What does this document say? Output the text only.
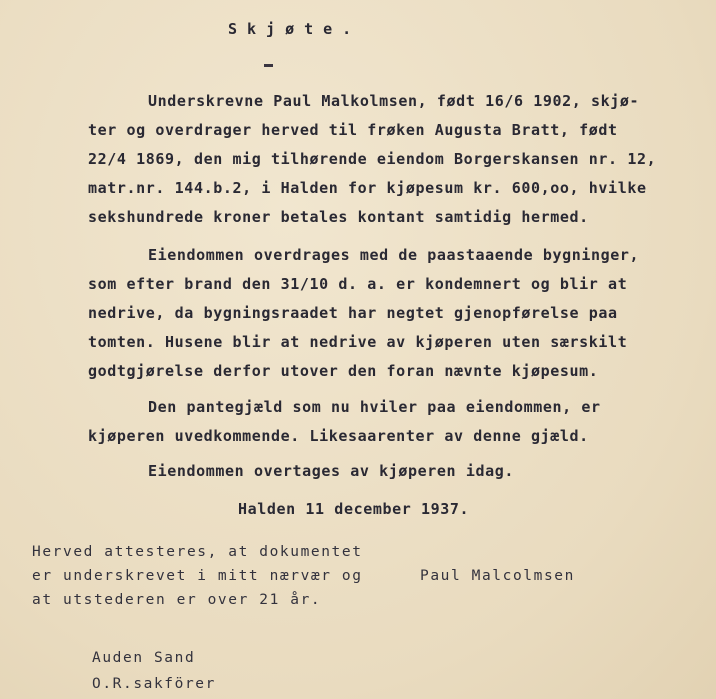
Skjøte.
Underskrevne Paul Malkolmsen, født 16/6 1902, skjø-
ter og overdrager herved til frøken Augusta Bratt, født
22/4 1869, den mig tilhørende eiendom Borgerskansen nr. 12,
matr.nr. 144.b.2, i Halden for kjøpesum kr. 600,oo, hvilke
sekshundrede kroner betales kontant samtidig hermed.
Eiendommen overdrages med de paastaaende bygninger,
som efter brand den 31/10 d. a. er kondemnert og blir at
nedrive, da bygningsraadet har negtet gjenopførelse paa
tomten. Husene blir at nedrive av kjøperen uten særskilt
godtgjørelse derfor utover den foran nævnte kjøpesum.
Den pantegjæld som nu hviler paa eiendommen, er
kjøperen uvedkommende. Likesaarenter av denne gjæld.
Eiendommen overtages av kjøperen idag.
Halden 11 december 1937.
Herved attesteres, at dokumentet
er underskrevet i mitt nærvær og
at utstederen er over 21 år.
Paul Malcolmsen
Auden Sand
O.R.sakförer
